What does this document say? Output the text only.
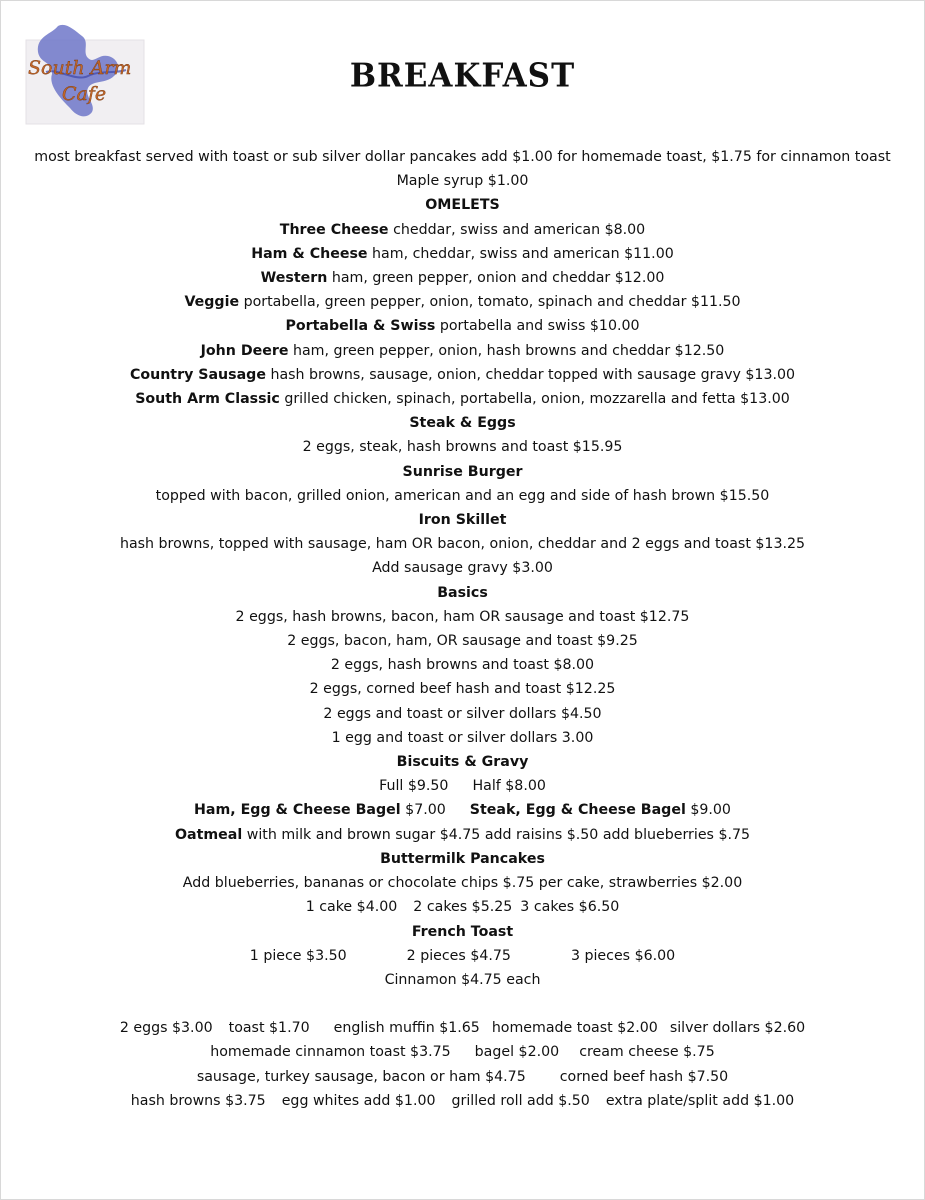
South Arm
Cafe	BREAKFAST
most breakfast served with toast or sub silver dollar pancakes add $1.00 for homemade toast, $1.75 for cinnamon toast
Maple syrup $1.00
OMELETS
Three Cheese cheddar, swiss and american $8.00
Ham & Cheese ham, cheddar, swiss and american $11.00
Western ham, green pepper, onion and cheddar $12.00
Veggie portabella, green pepper, onion, tomato, spinach and cheddar $11.50
Portabella & Swiss portabella and swiss $10.00
John Deere ham, green pepper, onion, hash browns and cheddar $12.50
Country Sausage hash browns, sausage, onion, cheddar topped with sausage gravy $13.00
South Arm Classic grilled chicken, spinach, portabella, onion, mozzarella and fetta $13.00
Steak & Eggs
2 eggs, steak, hash browns and toast $15.95
Sunrise Burger
topped with bacon, grilled onion, american and an egg and side of hash brown $15.50
Iron Skillet
hash browns, topped with sausage, ham OR bacon, onion, cheddar and 2 eggs and toast $13.25
Add sausage gravy $3.00
Basics
2 eggs, hash browns, bacon, ham OR sausage and toast $12.75
2 eggs, bacon, ham, OR sausage and toast $9.25
2 eggs, hash browns and toast $8.00
2 eggs, corned beef hash and toast $12.25
2 eggs and toast or silver dollars $4.50
1 egg and toast or silver dollars 3.00
Biscuits & Gravy
Full $9.50 Half $8.00
Ham, Egg & Cheese Bagel $7.00 Steak, Egg & Cheese Bagel $9.00
Oatmeal with milk and brown sugar $4.75 add raisins $.50 add blueberries $.75
Buttermilk Pancakes
Add blueberries, bananas or chocolate chips $.75 per cake, strawberries $2.00
1 cake $4.00 2 cakes $5.25 3 cakes $6.50
French Toast
1 piece $3.50	2 pieces $4.75	3 pieces $6.00
Cinnamon $4.75 each
2 eggs $3.00 toast $1.70 english muffin $1.65 homemade toast $2.00 silver dollars $2.60
homemade cinnamon toast $3.75 bagel $2.00 cream cheese $.75
sausage, turkey sausage, bacon or ham $4.75 corned beef hash $7.50
hash browns $3.75 egg whites add $1.00 grilled roll add $.50 extra plate/split add $1.00
